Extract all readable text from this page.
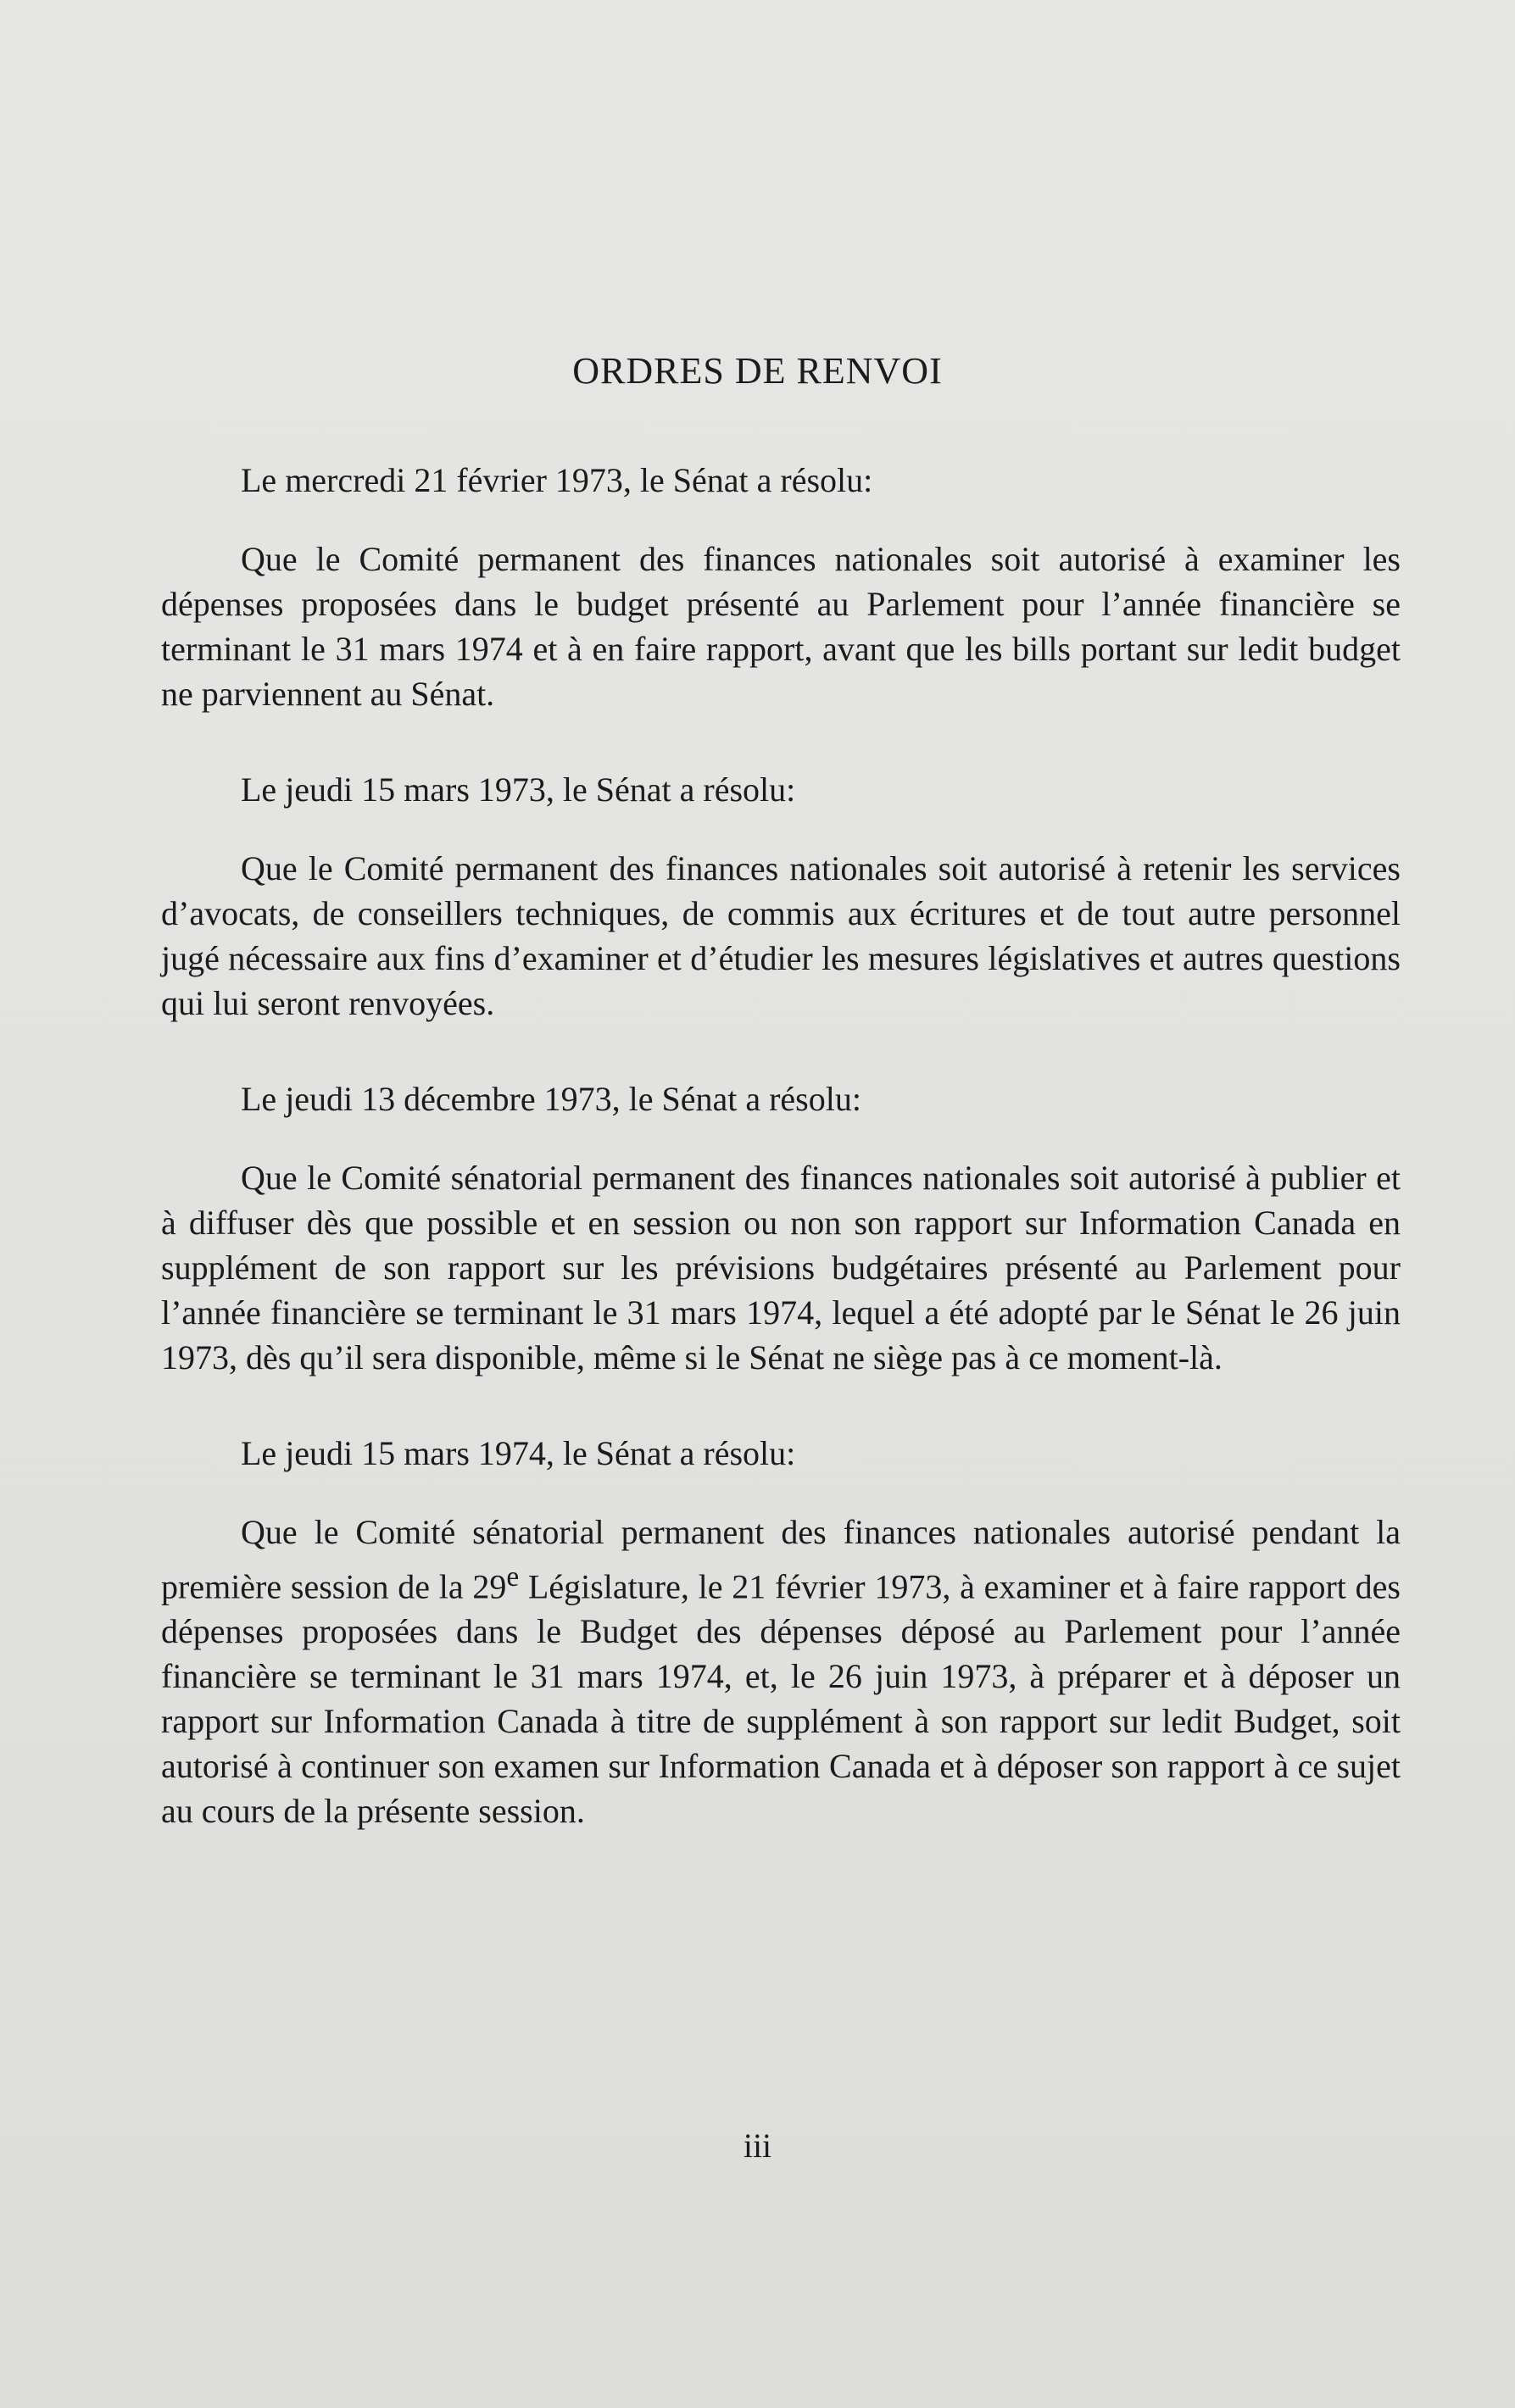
ORDRES DE RENVOI

Le mercredi 21 février 1973, le Sénat a résolu:

Que le Comité permanent des finances nationales soit autorisé à examiner les dépenses proposées dans le budget présenté au Parlement pour l’année financière se terminant le 31 mars 1974 et à en faire rapport, avant que les bills portant sur ledit budget ne parviennent au Sénat.

Le jeudi 15 mars 1973, le Sénat a résolu:

Que le Comité permanent des finances nationales soit autorisé à retenir les services d’avocats, de conseillers techniques, de commis aux écritures et de tout autre personnel jugé nécessaire aux fins d’examiner et d’étudier les mesures législatives et autres questions qui lui seront renvoyées.

Le jeudi 13 décembre 1973, le Sénat a résolu:

Que le Comité sénatorial permanent des finances nationales soit autorisé à publier et à diffuser dès que possible et en session ou non son rapport sur Information Canada en supplément de son rapport sur les prévisions budgétaires présenté au Parlement pour l’année financière se terminant le 31 mars 1974, lequel a été adopté par le Sénat le 26 juin 1973, dès qu’il sera disponible, même si le Sénat ne siège pas à ce moment-là.

Le jeudi 15 mars 1974, le Sénat a résolu:

Que le Comité sénatorial permanent des finances nationales autorisé pendant la première session de la 29e Législature, le 21 février 1973, à examiner et à faire rapport des dépenses proposées dans le Budget des dépenses déposé au Parlement pour l’année financière se terminant le 31 mars 1974, et, le 26 juin 1973, à préparer et à déposer un rapport sur Information Canada à titre de supplément à son rapport sur ledit Budget, soit autorisé à continuer son examen sur Information Canada et à déposer son rapport à ce sujet au cours de la présente session.

iii
